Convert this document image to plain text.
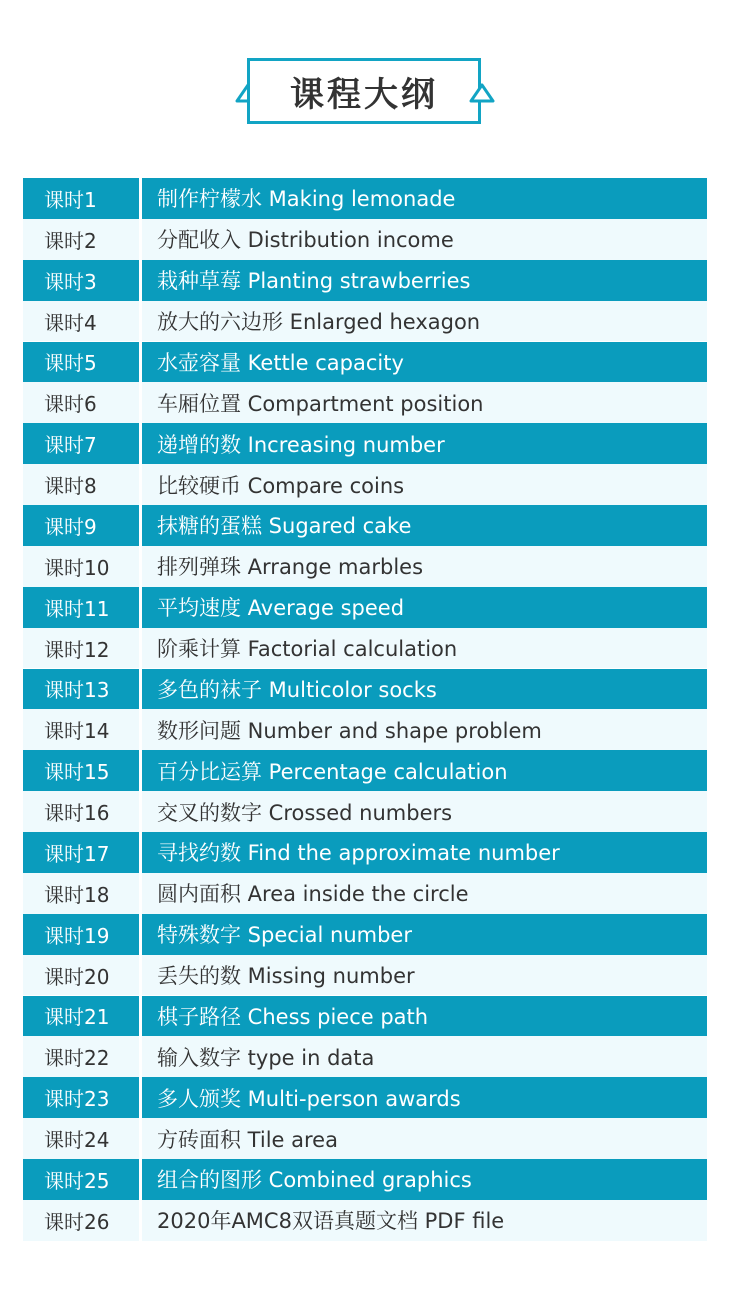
课程大纲
课时1	制作柠檬水 Making lemonade
课时2	分配收入 Distribution income
课时3	栽种草莓 Planting strawberries
课时4	放大的六边形 Enlarged hexagon
课时5	水壶容量 Kettle capacity
课时6	车厢位置 Compartment position
课时7	递增的数 Increasing number
课时8	比较硬币 Compare coins
课时9	抹糖的蛋糕 Sugared cake
课时10	排列弹珠 Arrange marbles
课时11	平均速度 Average speed
课时12	阶乘计算 Factorial calculation
课时13	多色的袜子 Multicolor socks
课时14	数形问题 Number and shape problem
课时15	百分比运算 Percentage calculation
课时16	交叉的数字 Crossed numbers
课时17	寻找约数 Find the approximate number
课时18	圆内面积 Area inside the circle
课时19	特殊数字 Special number
课时20	丢失的数 Missing number
课时21	棋子路径 Chess piece path
课时22	输入数字 type in data
课时23	多人颁奖 Multi-person awards
课时24	方砖面积 Tile area
课时25	组合的图形 Combined graphics
课时26	2020年AMC8双语真题文档 PDF file
